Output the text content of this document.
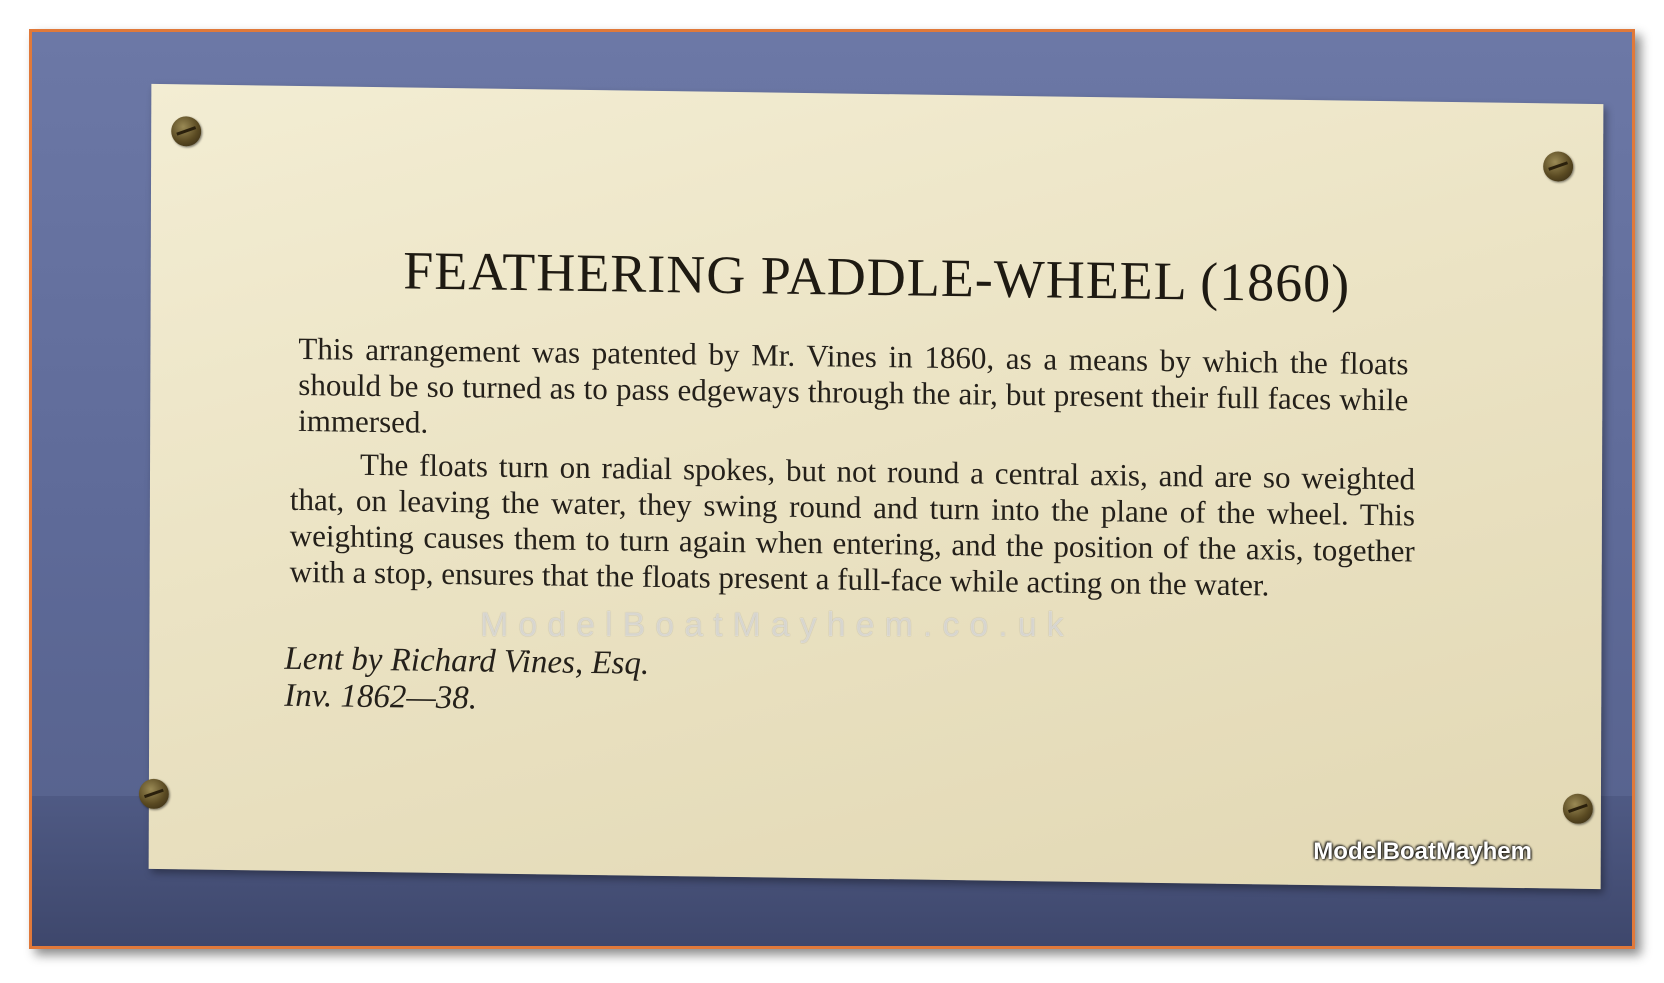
FEATHERING PADDLE-WHEEL (1860)
This arrangement was patented by Mr. Vines in 1860, as a means by which the floats should be so turned as to pass edgeways through the air, but present their full faces while immersed.
The floats turn on radial spokes, but not round a central axis, and are so weighted that, on leaving the water, they swing round and turn into the plane of the wheel. This weighting causes them to turn again when entering, and the position of the axis, together with a stop, ensures that the floats present a full-face while acting on the water.
Lent by Richard Vines, Esq.
Inv. 1862—38.
ModelBoatMayhem.co.uk
ModelBoatMayhem
